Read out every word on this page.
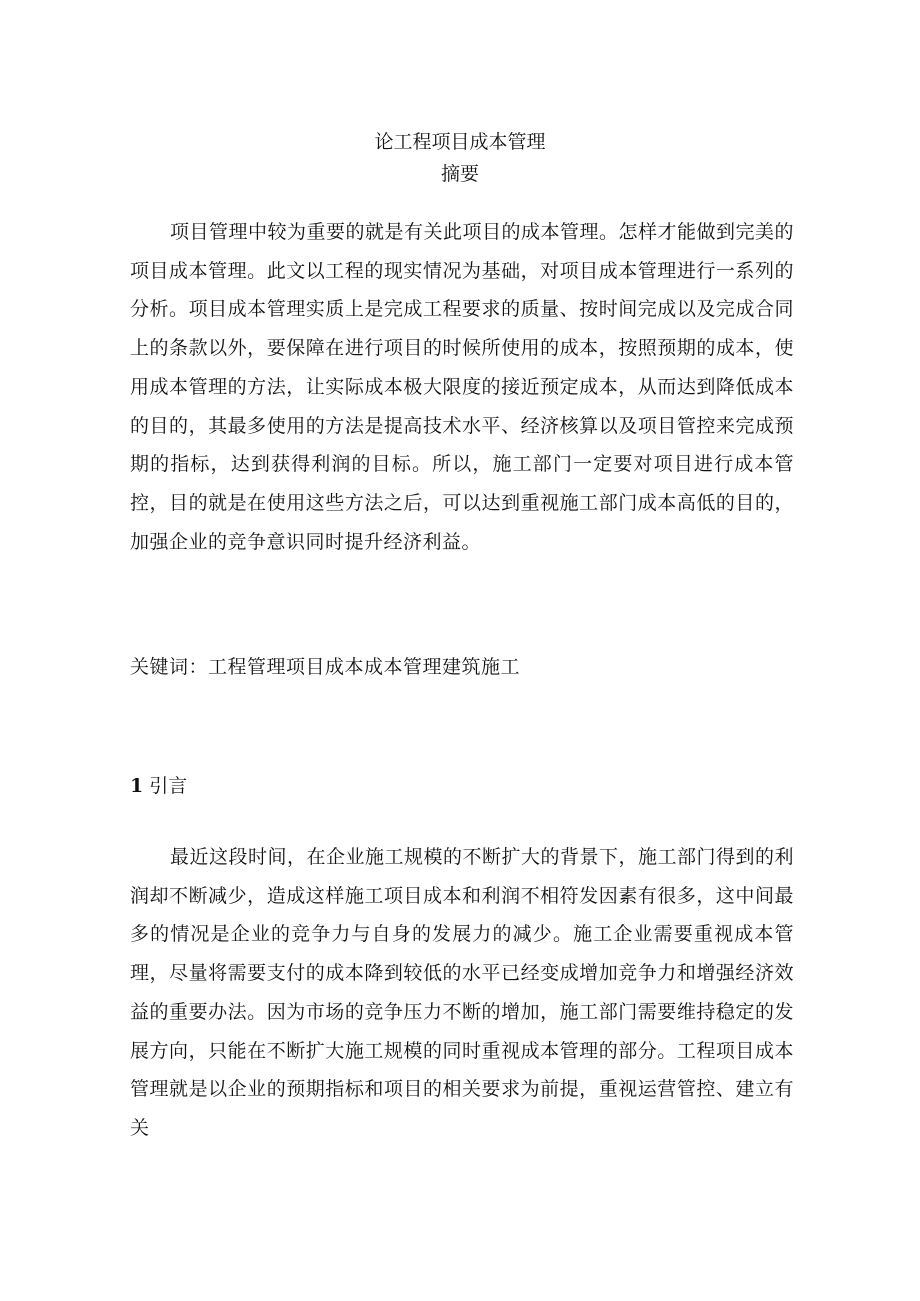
论工程项目成本管理
摘要

项目管理中较为重要的就是有关此项目的成本管理。怎样才能做到完美的项目成本管理。此文以工程的现实情况为基础，对项目成本管理进行一系列的分析。项目成本管理实质上是完成工程要求的质量、按时间完成以及完成合同上的条款以外，要保障在进行项目的时候所使用的成本，按照预期的成本，使用成本管理的方法，让实际成本极大限度的接近预定成本，从而达到降低成本的目的，其最多使用的方法是提高技术水平、经济核算以及项目管控来完成预期的指标，达到获得利润的目标。所以，施工部门一定要对项目进行成本管控，目的就是在使用这些方法之后，可以达到重视施工部门成本高低的目的，加强企业的竞争意识同时提升经济利益。

关键词：工程管理项目成本成本管理建筑施工

1 引言

最近这段时间，在企业施工规模的不断扩大的背景下，施工部门得到的利润却不断减少，造成这样施工项目成本和利润不相符发因素有很多，这中间最多的情况是企业的竞争力与自身的发展力的减少。施工企业需要重视成本管理，尽量将需要支付的成本降到较低的水平已经变成增加竞争力和增强经济效益的重要办法。因为市场的竞争压力不断的增加，施工部门需要维持稳定的发展方向，只能在不断扩大施工规模的同时重视成本管理的部分。工程项目成本管理就是以企业的预期指标和项目的相关要求为前提，重视运营管控、建立有关
